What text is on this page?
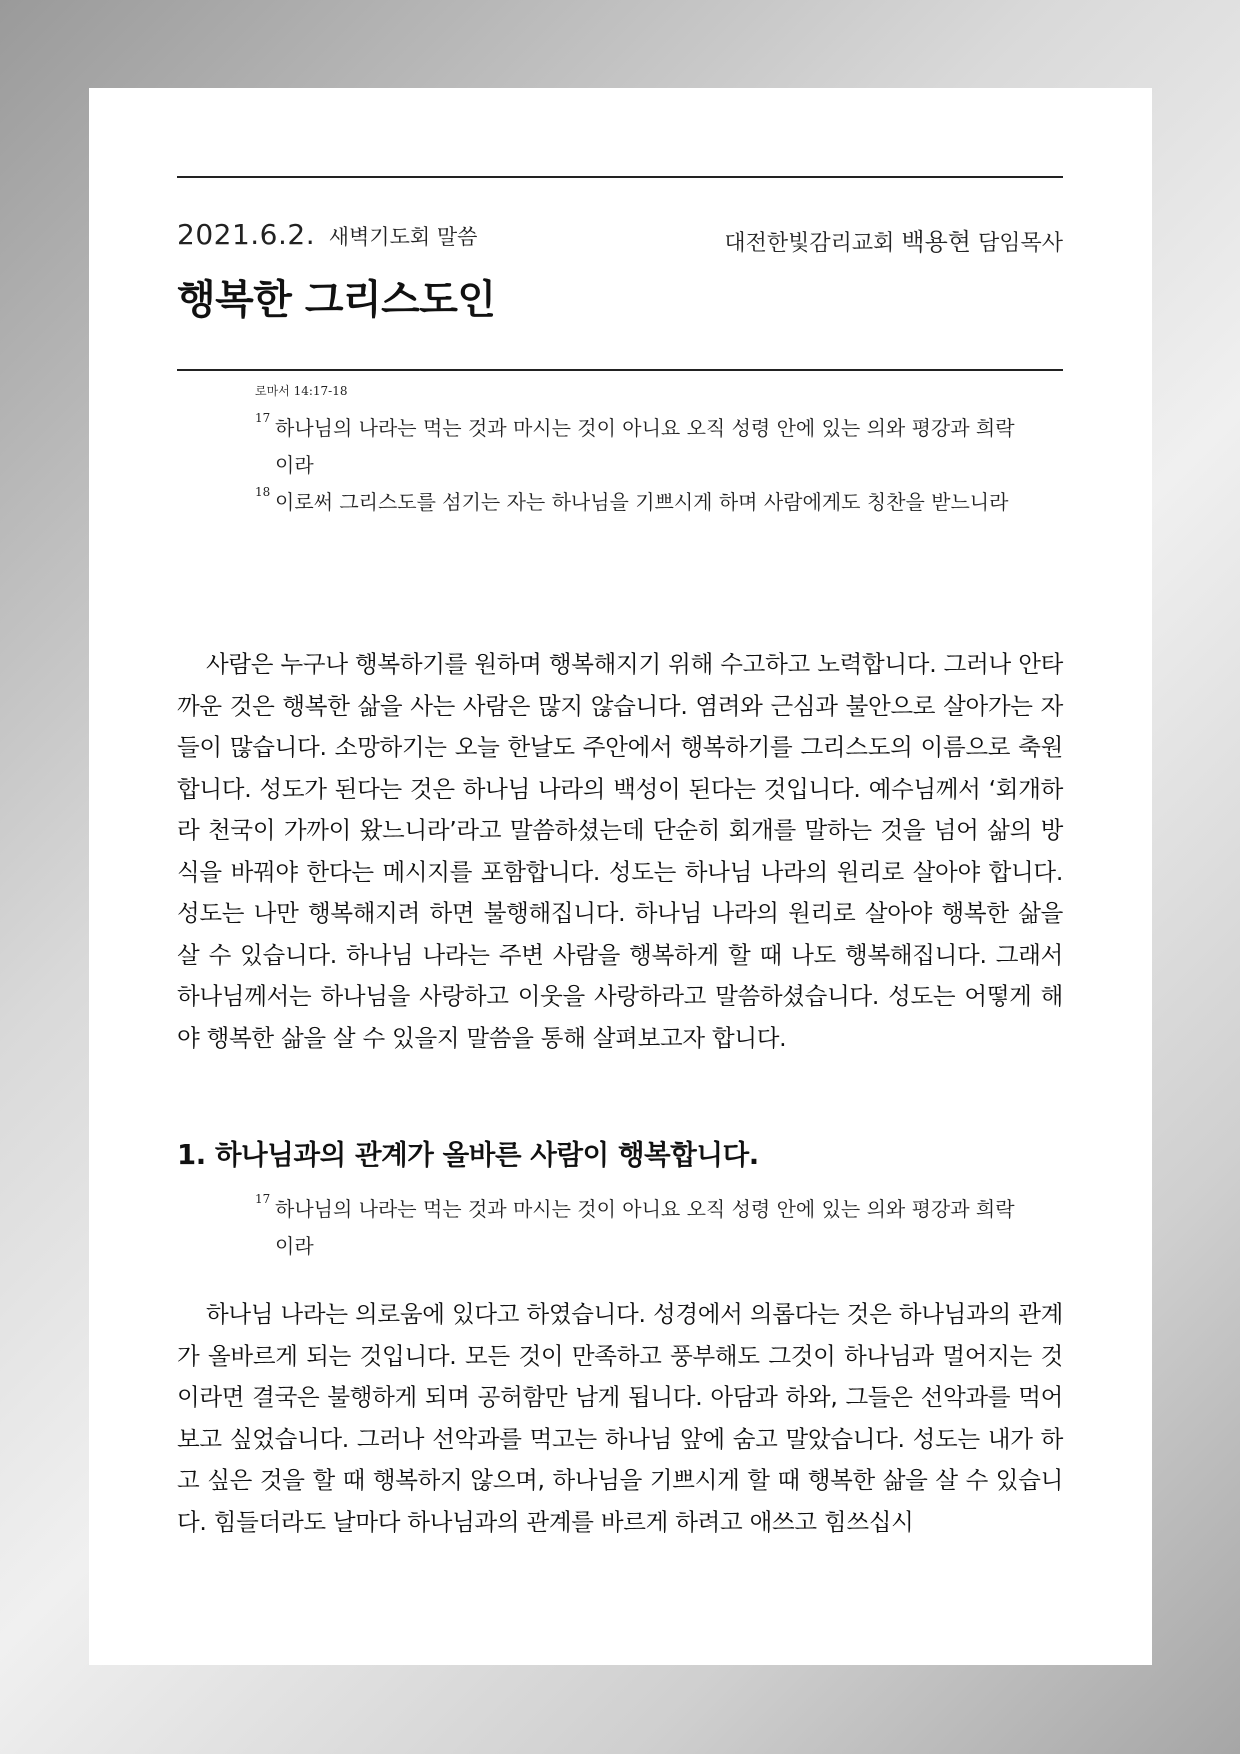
2021.6.2. 새벽기도회 말씀	대전한빛감리교회 백용현 담임목사
행복한 그리스도인
로마서 14:17-18
17 하나님의 나라는 먹는 것과 마시는 것이 아니요 오직 성령 안에 있는 의와 평강과 희락이라
18 이로써 그리스도를 섬기는 자는 하나님을 기쁘시게 하며 사람에게도 칭찬을 받느니라

사람은 누구나 행복하기를 원하며 행복해지기 위해 수고하고 노력합니다. 그러나 안타까운 것은 행복한 삶을 사는 사람은 많지 않습니다. 염려와 근심과 불안으로 살아가는 자들이 많습니다. 소망하기는 오늘 한날도 주안에서 행복하기를 그리스도의 이름으로 축원합니다. 성도가 된다는 것은 하나님 나라의 백성이 된다는 것입니다. 예수님께서 ‘회개하라 천국이 가까이 왔느니라’라고 말씀하셨는데 단순히 회개를 말하는 것을 넘어 삶의 방식을 바꿔야 한다는 메시지를 포함합니다. 성도는 하나님 나라의 원리로 살아야 합니다. 성도는 나만 행복해지려 하면 불행해집니다. 하나님 나라의 원리로 살아야 행복한 삶을 살 수 있습니다. 하나님 나라는 주변 사람을 행복하게 할 때 나도 행복해집니다. 그래서 하나님께서는 하나님을 사랑하고 이웃을 사랑하라고 말씀하셨습니다. 성도는 어떻게 해야 행복한 삶을 살 수 있을지 말씀을 통해 살펴보고자 합니다.

1. 하나님과의 관계가 올바른 사람이 행복합니다.
17 하나님의 나라는 먹는 것과 마시는 것이 아니요 오직 성령 안에 있는 의와 평강과 희락이라

하나님 나라는 의로움에 있다고 하였습니다. 성경에서 의롭다는 것은 하나님과의 관계가 올바르게 되는 것입니다. 모든 것이 만족하고 풍부해도 그것이 하나님과 멀어지는 것이라면 결국은 불행하게 되며 공허함만 남게 됩니다. 아담과 하와, 그들은 선악과를 먹어보고 싶었습니다. 그러나 선악과를 먹고는 하나님 앞에 숨고 말았습니다. 성도는 내가 하고 싶은 것을 할 때 행복하지 않으며, 하나님을 기쁘시게 할 때 행복한 삶을 살 수 있습니다. 힘들더라도 날마다 하나님과의 관계를 바르게 하려고 애쓰고 힘쓰십시
